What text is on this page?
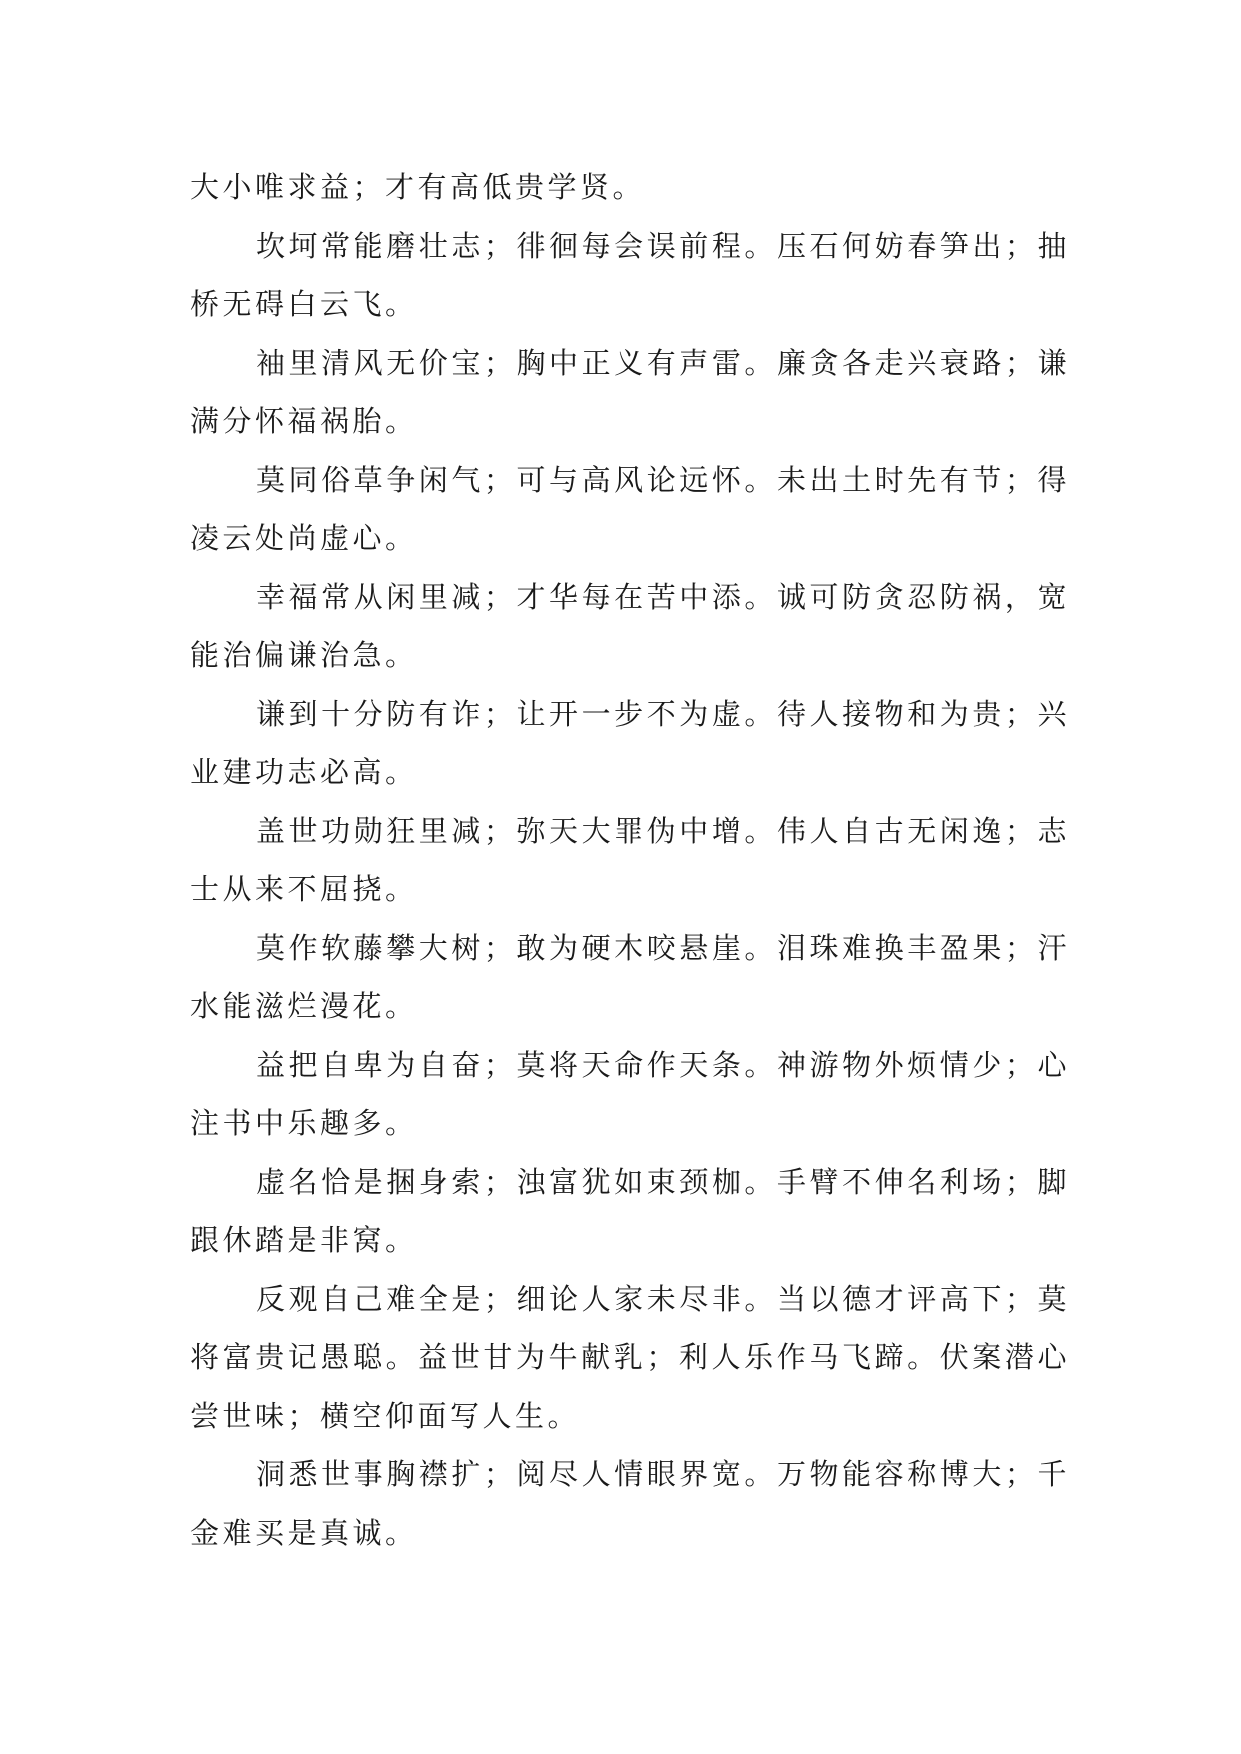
大小唯求益；才有高低贵学贤。

坎坷常能磨壮志；徘徊每会误前程。压石何妨春笋出；抽桥无碍白云飞。

袖里清风无价宝；胸中正义有声雷。廉贪各走兴衰路；谦满分怀福祸胎。

莫同俗草争闲气；可与高风论远怀。未出土时先有节；得凌云处尚虚心。

幸福常从闲里减；才华每在苦中添。诚可防贪忍防祸，宽能治偏谦治急。

谦到十分防有诈；让开一步不为虚。待人接物和为贵；兴业建功志必高。

盖世功勋狂里减；弥天大罪伪中增。伟人自古无闲逸；志士从来不屈挠。

莫作软藤攀大树；敢为硬木咬悬崖。泪珠难换丰盈果；汗水能滋烂漫花。

益把自卑为自奋；莫将天命作天条。神游物外烦情少；心注书中乐趣多。

虚名恰是捆身索；浊富犹如束颈枷。手臂不伸名利场；脚跟休踏是非窝。

反观自己难全是；细论人家未尽非。当以德才评高下；莫将富贵记愚聪。益世甘为牛献乳；利人乐作马飞蹄。伏案潜心尝世味；横空仰面写人生。

洞悉世事胸襟扩；阅尽人情眼界宽。万物能容称博大；千金难买是真诚。
